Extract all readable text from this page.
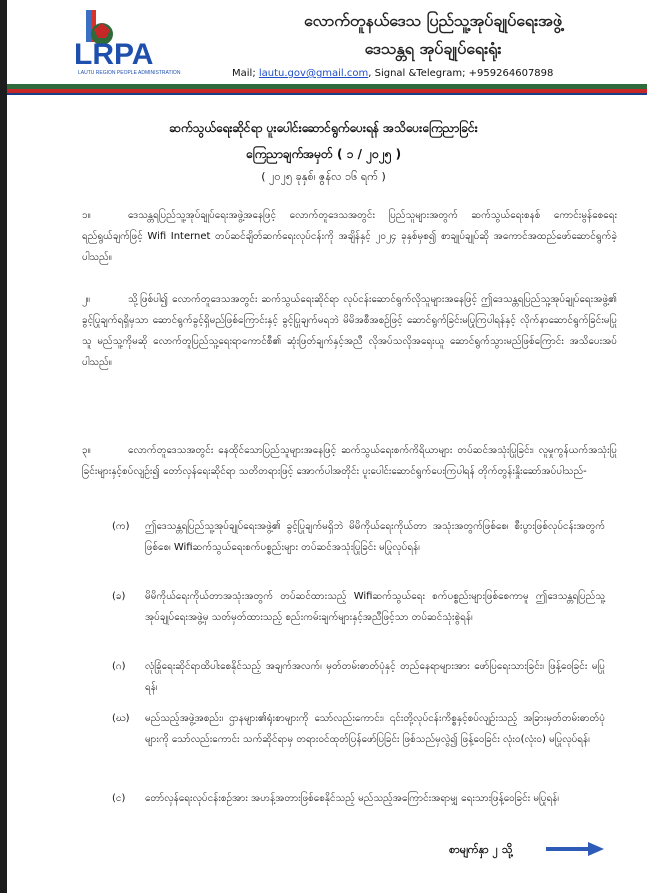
LRPA
LAUTU REGION PEOPLE ADMINISTRATION
လောက်တူနယ်ဒေသ ပြည်သူ့အုပ်ချုပ်ရေးအဖွဲ့
ဒေသန္တရ အုပ်ချုပ်ရေးရုံး
Mail; lautu.gov@gmail.com, Signal &Telegram; +959264607898
ဆက်သွယ်ရေးဆိုင်ရာ ပူးပေါင်းဆောင်ရွက်ပေးရန် အသိပေးကြေညာခြင်း
ကြေညာချက်အမှတ် ( ၁ / ၂၀၂၅ )
( ၂၀၂၅ ခုနှစ်၊ ဇွန်လ ၁၆ ရက် )
၁။	ဒေသန္တရပြည်သူ့အုပ်ချုပ်ရေးအဖွဲ့အနေဖြင့် လောက်တူဒေသအတွင်း ပြည်သူများအတွက် ဆက်သွယ်ရေးစနစ် ကောင်းမွန်စေရေး ရည်ရွယ်ချက်ဖြင့် Wifi Internet တပ်ဆင်ချိတ်ဆက်ရေးလုပ်ငန်းကို အချိန်နှင့် ၂၀၂၄ ခုနှစ်မှစ၍ စာချုပ်ချုပ်ဆို အကောင်အထည်ဖော်ဆောင်ရွက်ခဲ့ပါသည်။
၂။	သို့ဖြစ်ပါ၍ လောက်တူဒေသအတွင်း ဆက်သွယ်ရေးဆိုင်ရာ လုပ်ငန်းဆောင်ရွက်လိုသူများအနေဖြင့် ဤဒေသန္တရပြည်သူ့အုပ်ချုပ်ရေးအဖွဲ့၏ ခွင့်ပြုချက်ရရှိမှသာ ဆောင်ရွက်ခွင့်ရှိမည်ဖြစ်ကြောင်းနှင့် ခွင့်ပြုချက်မရဘဲ မိမိအစီအစဉ်ဖြင့် ဆောင်ရွက်ခြင်းမပြုကြပါရန်နှင့် လိုက်နာဆောင်ရွက်ခြင်းမပြုသူ မည်သူ့ကိုမဆို လောက်တူပြည်သူ့ရေးရာကောင်စီ၏ ဆုံးဖြတ်ချက်နှင့်အညီ လိုအပ်သလိုအရေးယူ ဆောင်ရွက်သွားမည်ဖြစ်ကြောင်း အသိပေးအပ်ပါသည်။
၃။	လောက်တူဒေသအတွင်း နေထိုင်သောပြည်သူများအနေဖြင့် ဆက်သွယ်ရေးစက်ကိရိယာများ တပ်ဆင်အသုံးပြုခြင်း၊ လူမှုကွန်ယက်အသုံးပြုခြင်းများနှင့်စပ်လျဉ်း၍ တော်လှန်ရေးဆိုင်ရာ သတိတရားဖြင့် အောက်ပါအတိုင်း ပူးပေါင်းဆောင်ရွက်ပေးကြပါရန် တိုက်တွန်းနှိုးဆော်အပ်ပါသည်-
(က) ဤဒေသန္တရပြည်သူ့အုပ်ချုပ်ရေးအဖွဲ့၏ ခွင့်ပြုချက်မရှိဘဲ မိမိကိုယ်ရေးကိုယ်တာ အသုံးအတွက်ဖြစ်စေ၊ စီးပွားဖြစ်လုပ်ငန်းအတွက်ဖြစ်စေ၊ Wifiဆက်သွယ်ရေးစက်ပစ္စည်းများ တပ်ဆင်အသုံးပြုခြင်း မပြုလုပ်ရန်၊
(ခ) မိမိကိုယ်ရေးကိုယ်တာအသုံးအတွက် တပ်ဆင်ထားသည့် Wifiဆက်သွယ်ရေး စက်ပစ္စည်းများဖြစ်စေကာမူ ဤဒေသန္တရပြည်သူ့အုပ်ချုပ်ရေးအဖွဲ့မှ သတ်မှတ်ထားသည့် စည်းကမ်းချက်များနှင့်အညီဖြင့်သာ တပ်ဆင်သုံးစွဲရန်၊
(ဂ) လုံခြုံရေးဆိုင်ရာထိပါးစေနိုင်သည့် အချက်အလက်၊ မှတ်တမ်းဓာတ်ပုံနှင့် တည်နေရာများအား ဖော်ပြရေးသားခြင်း၊ ဖြန့်ဝေခြင်း မပြုရန်၊
(ဃ) မည်သည့်အဖွဲ့အစည်း၊ ဌာနများ၏ရုံးစာများကို သော်လည်းကောင်း၊ ၎င်းတို့လုပ်ငန်းကိစ္စနှင့်စပ်လျဉ်းသည့် အခြားမှတ်တမ်းဓာတ်ပုံများကို သော်လည်းကောင်း သက်ဆိုင်ရာမှ တရားဝင်ထုတ်ပြန်ဖော်ပြခြင်း ဖြစ်သည်မှလွဲ၍ ဖြန့်ဝေခြင်း လုံးဝ(လုံးဝ) မပြုလုပ်ရန်၊
(င) တော်လှန်ရေးလုပ်ငန်းစဉ်အား အဟန့်အတားဖြစ်စေနိုင်သည့် မည်သည့်အကြောင်းအရာမျှ ရေးသားဖြန့်ဝေခြင်း မပြုရန်၊
စာမျက်နှာ ၂ သို့
